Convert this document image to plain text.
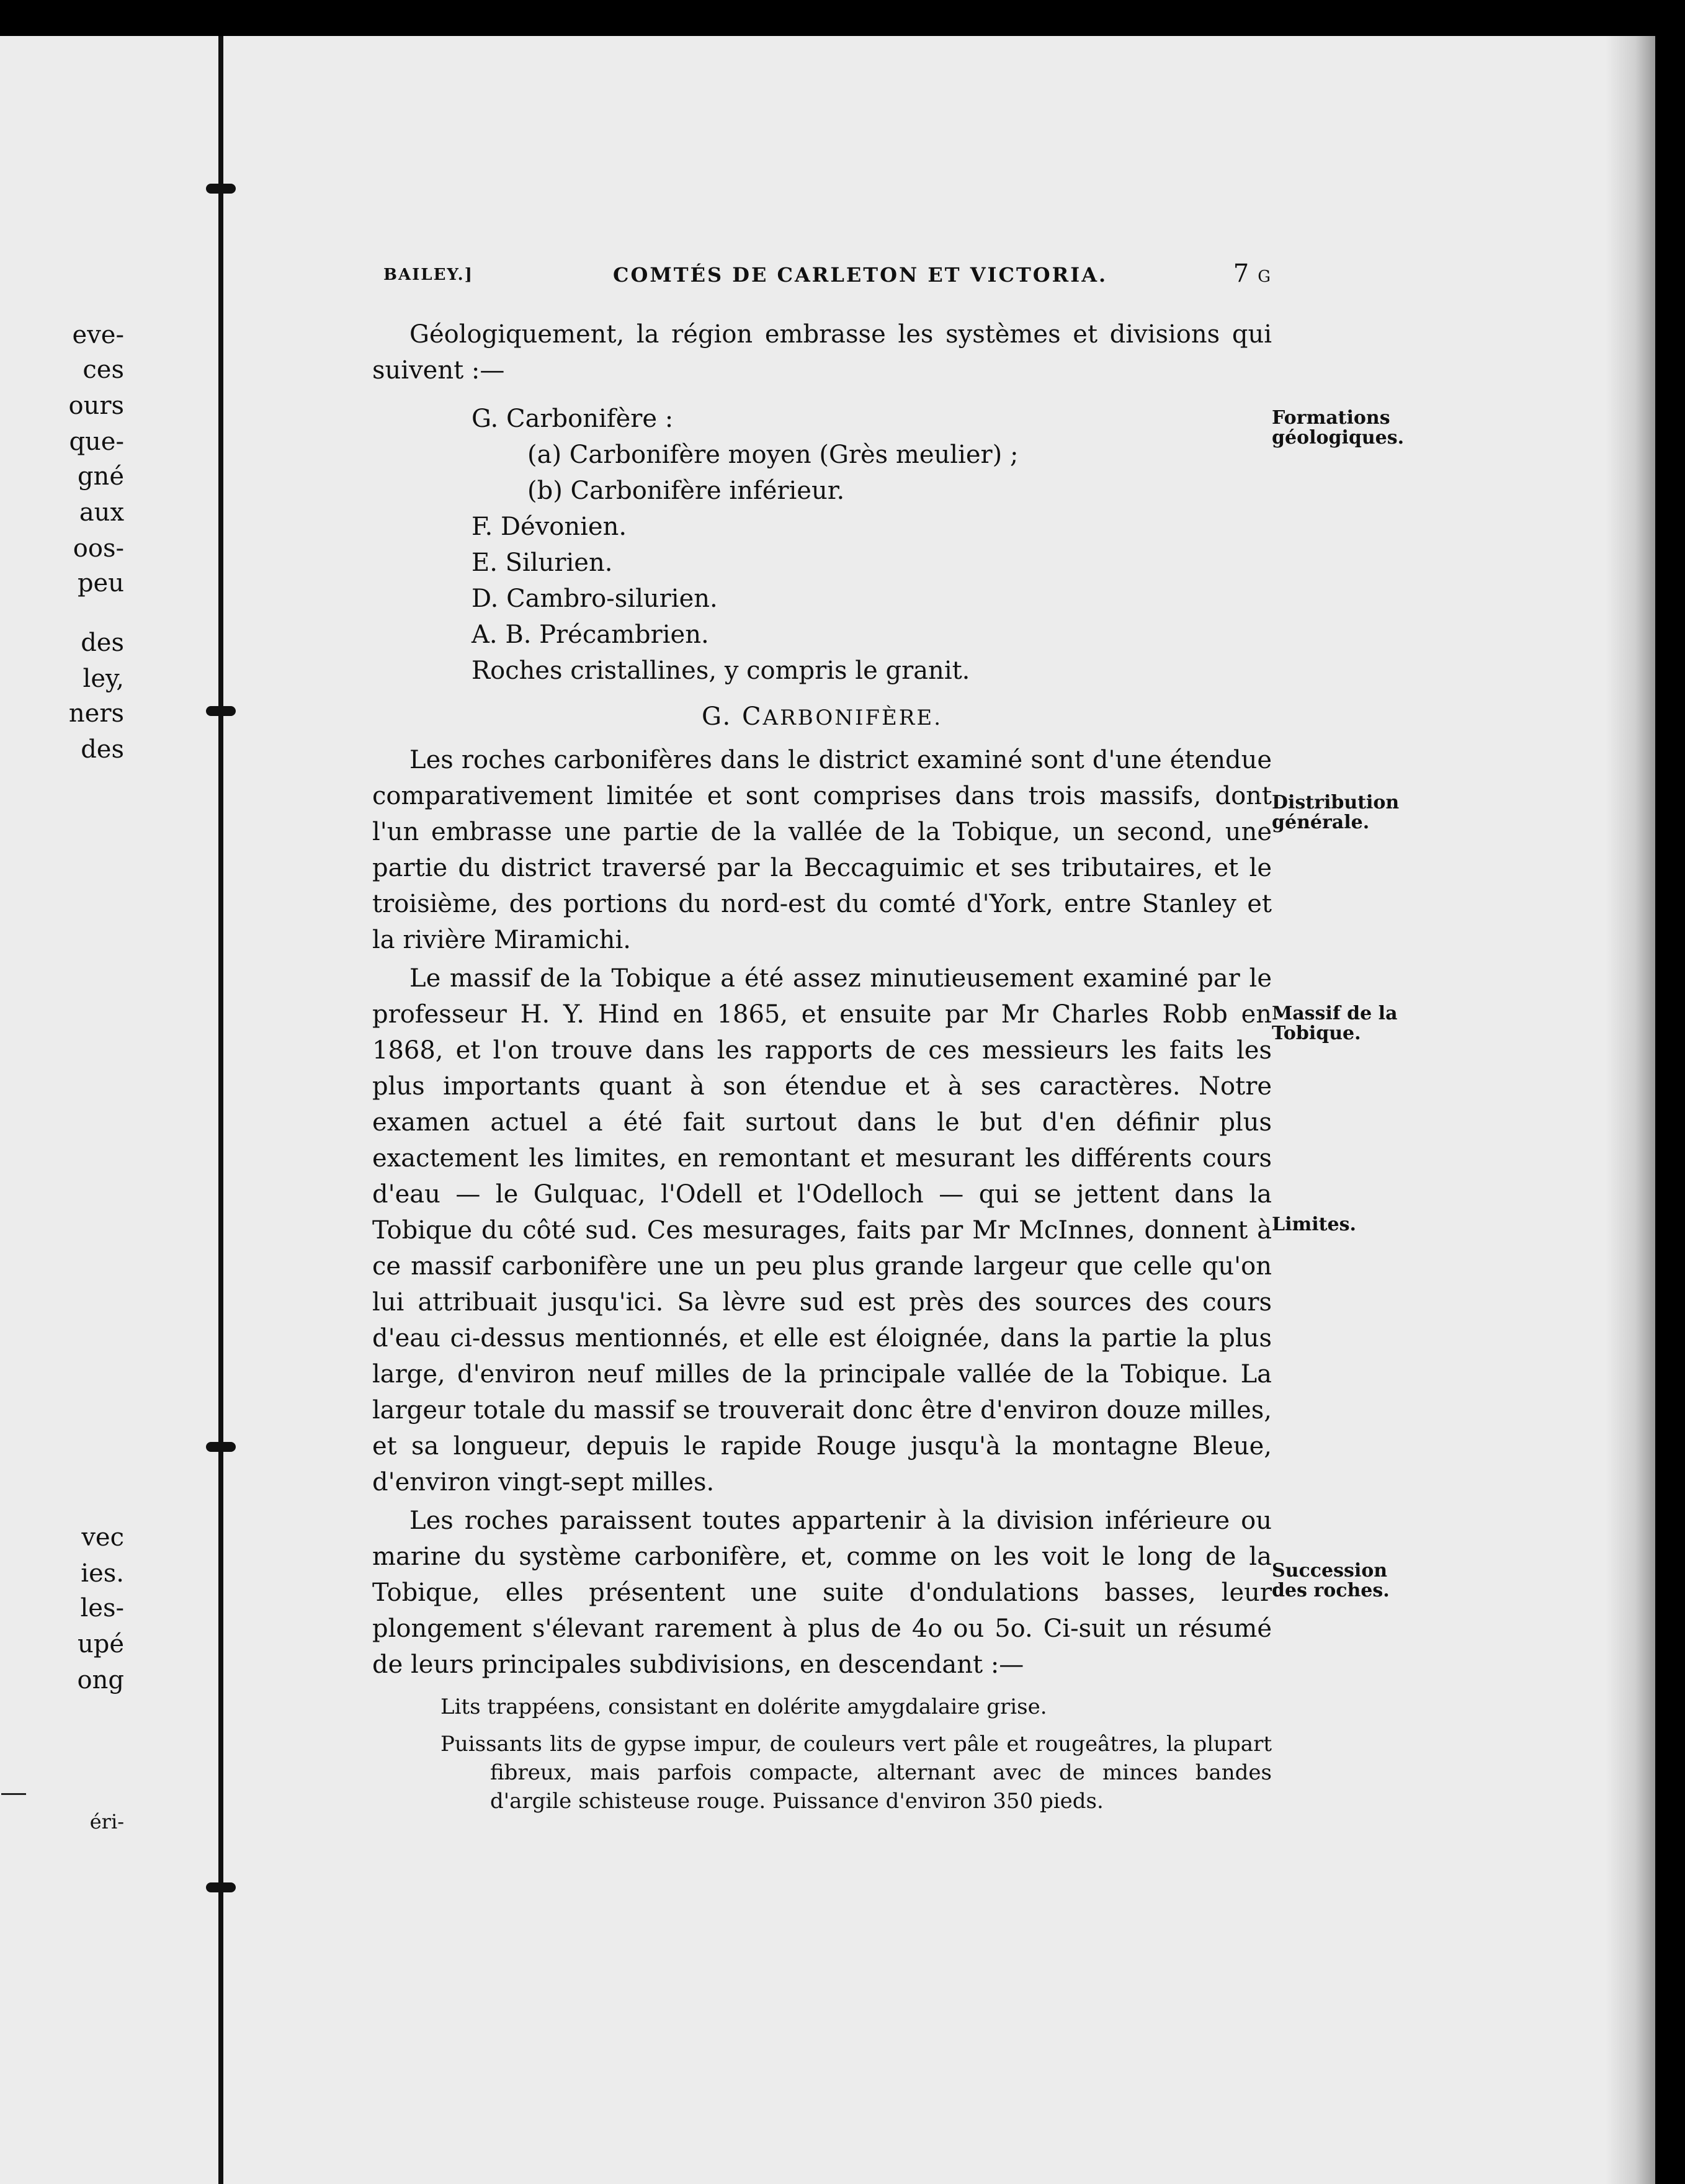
eve-
ces
ours
que-
gné
aux
oos-
peu
des
ley,
ners
des
vec
ies.
les-
upé
ong
éri-
BAILEY.]	COMTÉS DE CARLETON ET VICTORIA.	7 G

Géologiquement, la région embrasse les systèmes et divisions qui suivent :—

G. Carbonifère :
(a) Carbonifère moyen (Grès meulier) ;
(b) Carbonifère inférieur.
F. Dévonien.
E. Silurien.
D. Cambro-silurien.
A. B. Précambrien.
Roches cristallines, y compris le granit.
G. CARBONIFÈRE.

Les roches carbonifères dans le district examiné sont d'une étendue comparativement limitée et sont comprises dans trois massifs, dont l'un embrasse une partie de la vallée de la Tobique, un second, une partie du district traversé par la Beccaguimic et ses tributaires, et le troisième, des portions du nord-est du comté d'York, entre Stanley et la rivière Miramichi.

Le massif de la Tobique a été assez minutieusement examiné par le professeur H. Y. Hind en 1865, et ensuite par Mr Charles Robb en 1868, et l'on trouve dans les rapports de ces messieurs les faits les plus importants quant à son étendue et à ses caractères. Notre examen actuel a été fait surtout dans le but d'en définir plus exactement les limites, en remontant et mesurant les différents cours d'eau — le Gulquac, l'Odell et l'Odelloch — qui se jettent dans la Tobique du côté sud. Ces mesurages, faits par Mr McInnes, donnent à ce massif carbonifère une un peu plus grande largeur que celle qu'on lui attribuait jusqu'ici. Sa lèvre sud est près des sources des cours d'eau ci-dessus mentionnés, et elle est éloignée, dans la partie la plus large, d'environ neuf milles de la principale vallée de la Tobique. La largeur totale du massif se trouverait donc être d'environ douze milles, et sa longueur, depuis le rapide Rouge jusqu'à la montagne Bleue, d'environ vingt-sept milles.

Les roches paraissent toutes appartenir à la division inférieure ou marine du système carbonifère, et, comme on les voit le long de la Tobique, elles présentent une suite d'ondulations basses, leur plongement s'élevant rarement à plus de 4o ou 5o. Ci-suit un résumé de leurs principales subdivisions, en descendant :—

Lits trappéens, consistant en dolérite amygdalaire grise.
Puissants lits de gypse impur, de couleurs vert pâle et rougeâtres, la plupart fibreux, mais parfois compacte, alternant avec de minces bandes d'argile schisteuse rouge. Puissance d'environ 350 pieds.
Formations géologiques.
Distribution générale.
Massif de la Tobique.
Limites.
Succession des roches.
